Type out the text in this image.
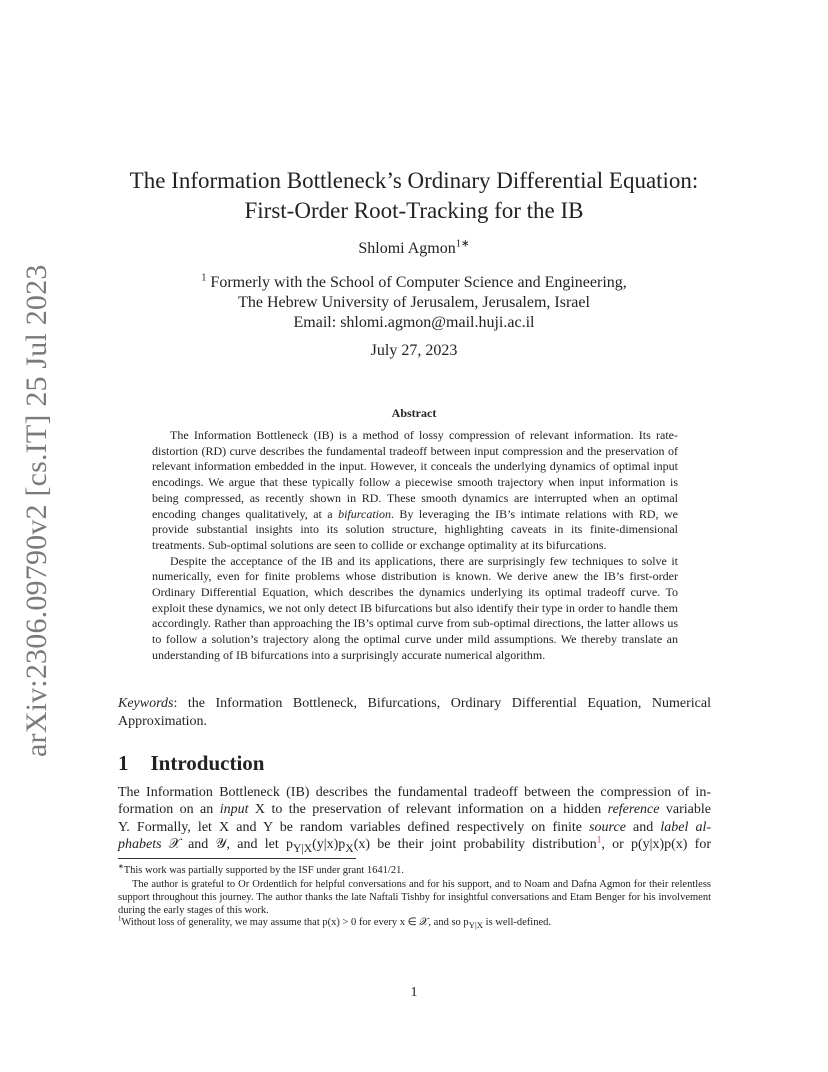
arXiv:2306.09790v2 [cs.IT] 25 Jul 2023
The Information Bottleneck’s Ordinary Differential Equation:
First-Order Root-Tracking for the IB
Shlomi Agmon$^{1∗}$
$^1$ Formerly with the School of Computer Science and Engineering,
The Hebrew University of Jerusalem, Jerusalem, Israel
Email: shlomi.agmon@mail.huji.ac.il
July 27, 2023
Abstract

The Information Bottleneck (IB) is a method of lossy compression of relevant information. Its rate-distortion (RD) curve describes the fundamental tradeoff between input compression and the preservation of relevant information embedded in the input. However, it conceals the underlying dynamics of optimal input encodings. We argue that these typically follow a piecewise smooth trajectory when input information is being compressed, as recently shown in RD. These smooth dynamics are interrupted when an optimal encoding changes qualitatively, at a bifurcation. By leveraging the IB’s intimate relations with RD, we provide substantial insights into its solution structure, highlighting caveats in its finite-dimensional treatments. Sub-optimal solutions are seen to collide or exchange optimality at its bifurcations.

Despite the acceptance of the IB and its applications, there are surprisingly few techniques to solve it numerically, even for finite problems whose distribution is known. We derive anew the IB’s first-order Ordinary Differential Equation, which describes the dynamics underlying its optimal tradeoff curve. To exploit these dynamics, we not only detect IB bifurcations but also identify their type in order to handle them accordingly. Rather than approaching the IB’s optimal curve from sub-optimal directions, the latter allows us to follow a solution’s trajectory along the optimal curve under mild assumptions. We thereby translate an understanding of IB bifurcations into a surprisingly accurate numerical algorithm.

Keywords: the Information Bottleneck, Bifurcations, Ordinary Differential Equation, Numerical Approximation.
1 Introduction
The Information Bottleneck (IB) describes the fundamental tradeoff between the compression of in-
formation on an input X to the preservation of relevant information on a hidden reference variable
Y. Formally, let X and Y be random variables defined respectively on finite source and label al-
phabets 𝒳 and 𝒴, and let $p_{Y|X}(y|x)p_X(x)$ be their joint probability distribution$^1$, or p(y|x)p(x) for
∗This work was partially supported by the ISF under grant 1641/21.
The author is grateful to Or Ordentlich for helpful conversations and for his support, and to Noam and Dafna Agmon for their relentless support throughout this journey. The author thanks the late Naftali Tishby for insightful conversations and Etam Benger for his involvement during the early stages of this work.
$^1$Without loss of generality, we may assume that p(x) > 0 for every x ∈ 𝒳, and so $p_{Y|X}$ is well-defined.
1
